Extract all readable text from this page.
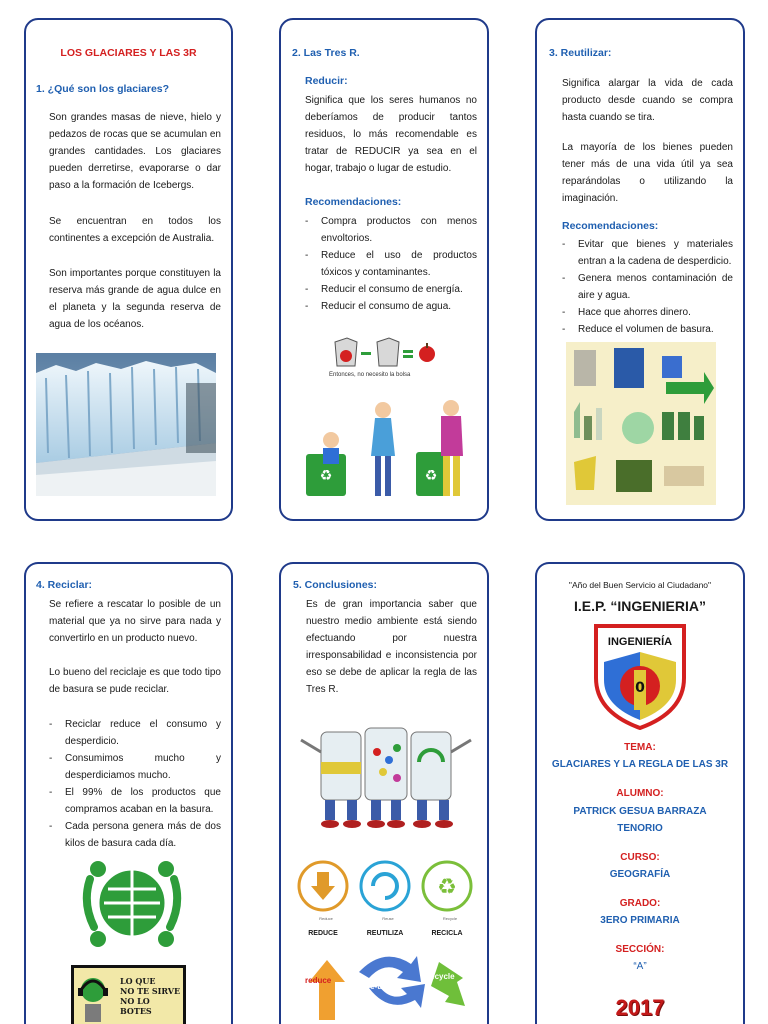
LOS GLACIARES Y LAS 3R
1. ¿Qué son los glaciares?
Son grandes masas de nieve, hielo y pedazos de rocas que se acumulan en grandes cantidades. Los glaciares pueden derretirse, evaporarse o dar paso a la formación de Icebergs.
Se encuentran en todos los continentes a excepción de Australia.
Son importantes porque constituyen la reserva más grande de agua dulce en el planeta y la segunda reserva de agua de los océanos.
2. Las Tres R.
Reducir:
Significa que los seres humanos no deberíamos de producir tantos residuos, lo más recomendable es tratar de REDUCIR ya sea en el hogar, trabajo o lugar de estudio.
Recomendaciones:
- Compra productos con menos envoltorios.
- Reduce el uso de productos tóxicos y contaminantes.
- Reducir el consumo de energía.
- Reducir el consumo de agua.
Entonces, no necesito la bolsa
♻	♻
3. Reutilizar:
Significa alargar la vida de cada producto desde cuando se compra hasta cuando se tira.
La mayoría de los bienes pueden tener más de una vida útil ya sea reparándolas o utilizando la imaginación.
Recomendaciones:
- Evitar que bienes y materiales entran a la cadena de desperdicio.
- Genera menos contaminación de aire y agua.
- Hace que ahorres dinero.
- Reduce el volumen de basura.
4. Reciclar:
Se refiere a rescatar lo posible de un material que ya no sirve para nada y convertirlo en un producto nuevo.
Lo bueno del reciclaje es que todo tipo de basura se pude reciclar.
- Reciclar reduce el consumo y desperdicio.
- Consumimos mucho y desperdiciamos mucho.
- El 99% de los productos que compramos acaban en la basura.
- Cada persona genera más de dos kilos de basura cada día.
LO QUE
NO TE SIRVE
NO LO BOTES
5. Conclusiones:
Es de gran importancia saber que nuestro medio ambiente está siendo efectuando por nuestra irresponsabilidad e inconsistencia por eso se debe de aplicar la regla de las Tres R.
♻
Reduce	Reuse	Recycle
REDUCE	REUTILIZA	RECICLA
reduce
re-use
recycle
"Año del Buen Servicio al Ciudadano"
I.E.P. “INGENIERIA”
0
INGENIERÍA
TEMA:
GLACIARES Y LA REGLA DE LAS 3R
ALUMNO:
PATRICK GESUA BARRAZA
TENORIO
CURSO:
GEOGRAFÍA
GRADO:
3ERO PRIMARIA
SECCIÓN:
“A”
2017
